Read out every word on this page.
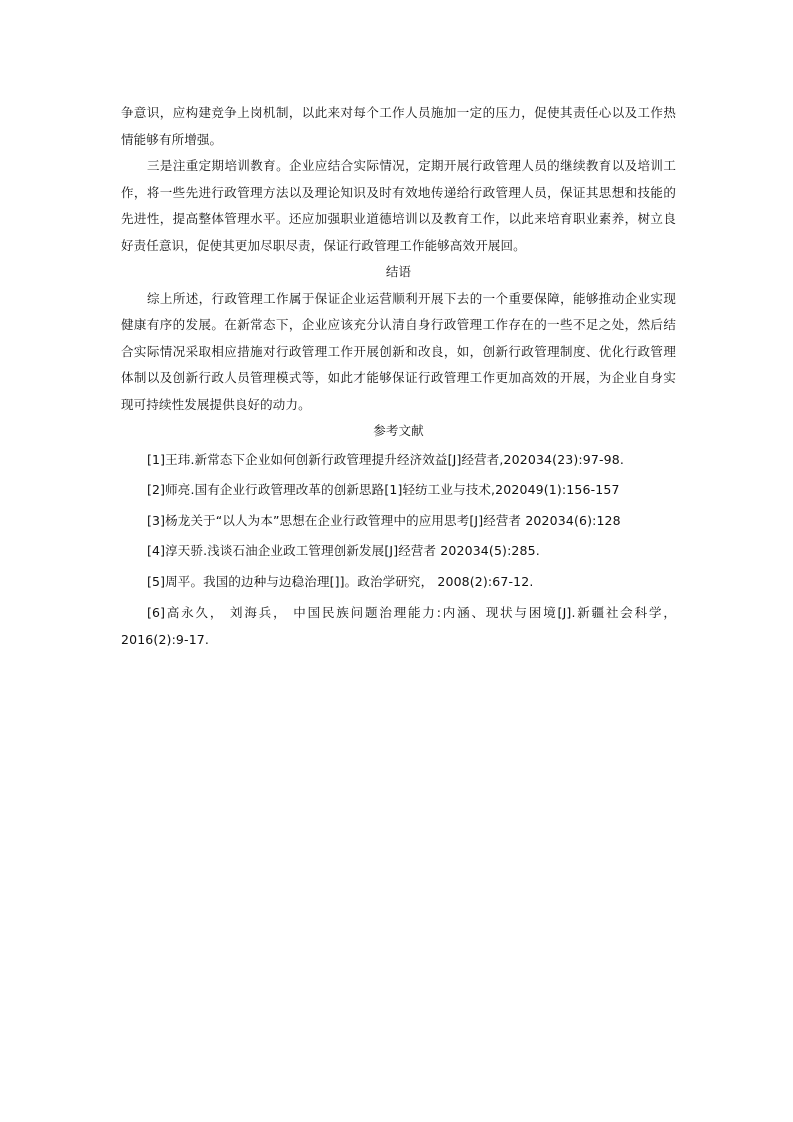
争意识，应构建竞争上岗机制，以此来对每个工作人员施加一定的压力，促使其责任心以及工作热情能够有所增强。

三是注重定期培训教育。企业应结合实际情况，定期开展行政管理人员的继续教育以及培训工作，将一些先进行政管理方法以及理论知识及时有效地传递给行政管理人员，保证其思想和技能的先进性，提高整体管理水平。还应加强职业道德培训以及教育工作，以此来培育职业素养，树立良好责任意识，促使其更加尽职尽责，保证行政管理工作能够高效开展回。

结语

综上所述，行政管理工作属于保证企业运营顺利开展下去的一个重要保障，能够推动企业实现健康有序的发展。在新常态下，企业应该充分认清自身行政管理工作存在的一些不足之处，然后结合实际情况采取相应措施对行政管理工作开展创新和改良，如，创新行政管理制度、优化行政管理体制以及创新行政人员管理模式等，如此才能够保证行政管理工作更加高效的开展，为企业自身实现可持续性发展提供良好的动力。

参考文献

[1]王玮.新常态下企业如何创新行政管理提升经济效益[J]经营者,202034(23):97-98.

[2]师亮.国有企业行政管理改革的创新思路[1]轻纺工业与技术,202049(1):156-157

[3]杨龙关于“以人为本”思想在企业行政管理中的应用思考[J]经营者 202034(6):128

[4]淳天骄.浅谈石油企业政工管理创新发展[J]经营者 202034(5):285.

[5]周平。我国的边种与边稳治理[]]。政治学研究， 2008(2):67-12.

[6]高永久， 刘海兵， 中国民族问题治理能力:内涵、现状与困境[J].新疆社会科学，2016(2):9-17.
